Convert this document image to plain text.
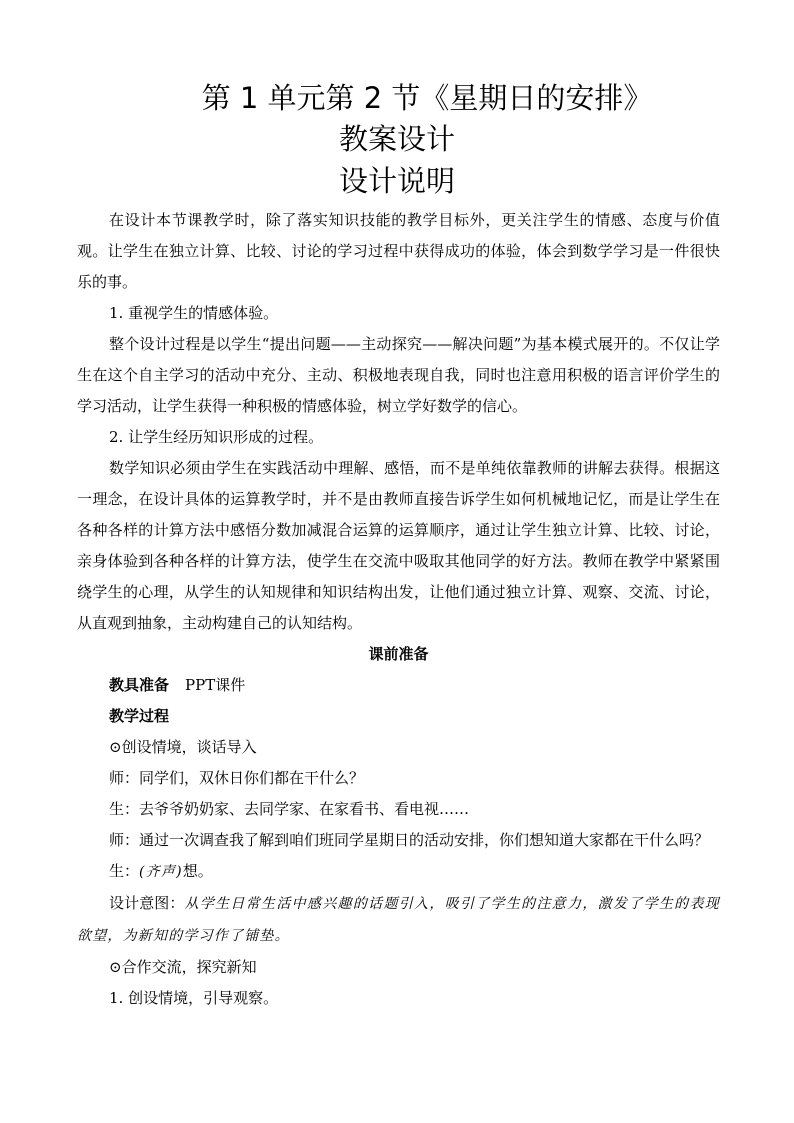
第 1 单元第 2 节《星期日的安排》
教案设计
设计说明

在设计本节课教学时，除了落实知识技能的教学目标外，更关注学生的情感、态度与价值观。让学生在独立计算、比较、讨论的学习过程中获得成功的体验，体会到数学学习是一件很快乐的事。

1. 重视学生的情感体验。

整个设计过程是以学生“提出问题——主动探究——解决问题”为基本模式展开的。不仅让学生在这个自主学习的活动中充分、主动、积极地表现自我，同时也注意用积极的语言评价学生的学习活动，让学生获得一种积极的情感体验，树立学好数学的信心。

2. 让学生经历知识形成的过程。

数学知识必须由学生在实践活动中理解、感悟，而不是单纯依靠教师的讲解去获得。根据这一理念，在设计具体的运算教学时，并不是由教师直接告诉学生如何机械地记忆，而是让学生在各种各样的计算方法中感悟分数加减混合运算的运算顺序，通过让学生独立计算、比较、讨论，亲身体验到各种各样的计算方法，使学生在交流中吸取其他同学的好方法。教师在教学中紧紧围绕学生的心理，从学生的认知规律和知识结构出发，让他们通过独立计算、观察、交流、讨论，从直观到抽象，主动构建自己的认知结构。

课前准备

教具准备 PPT课件

教学过程

⊙创设情境，谈话导入

师：同学们，双休日你们都在干什么？

生：去爷爷奶奶家、去同学家、在家看书、看电视……

师：通过一次调查我了解到咱们班同学星期日的活动安排，你们想知道大家都在干什么吗？

生：(齐声)想。

设计意图：从学生日常生活中感兴趣的话题引入，吸引了学生的注意力，激发了学生的表现欲望，为新知的学习作了铺垫。

⊙合作交流，探究新知

1. 创设情境，引导观察。
